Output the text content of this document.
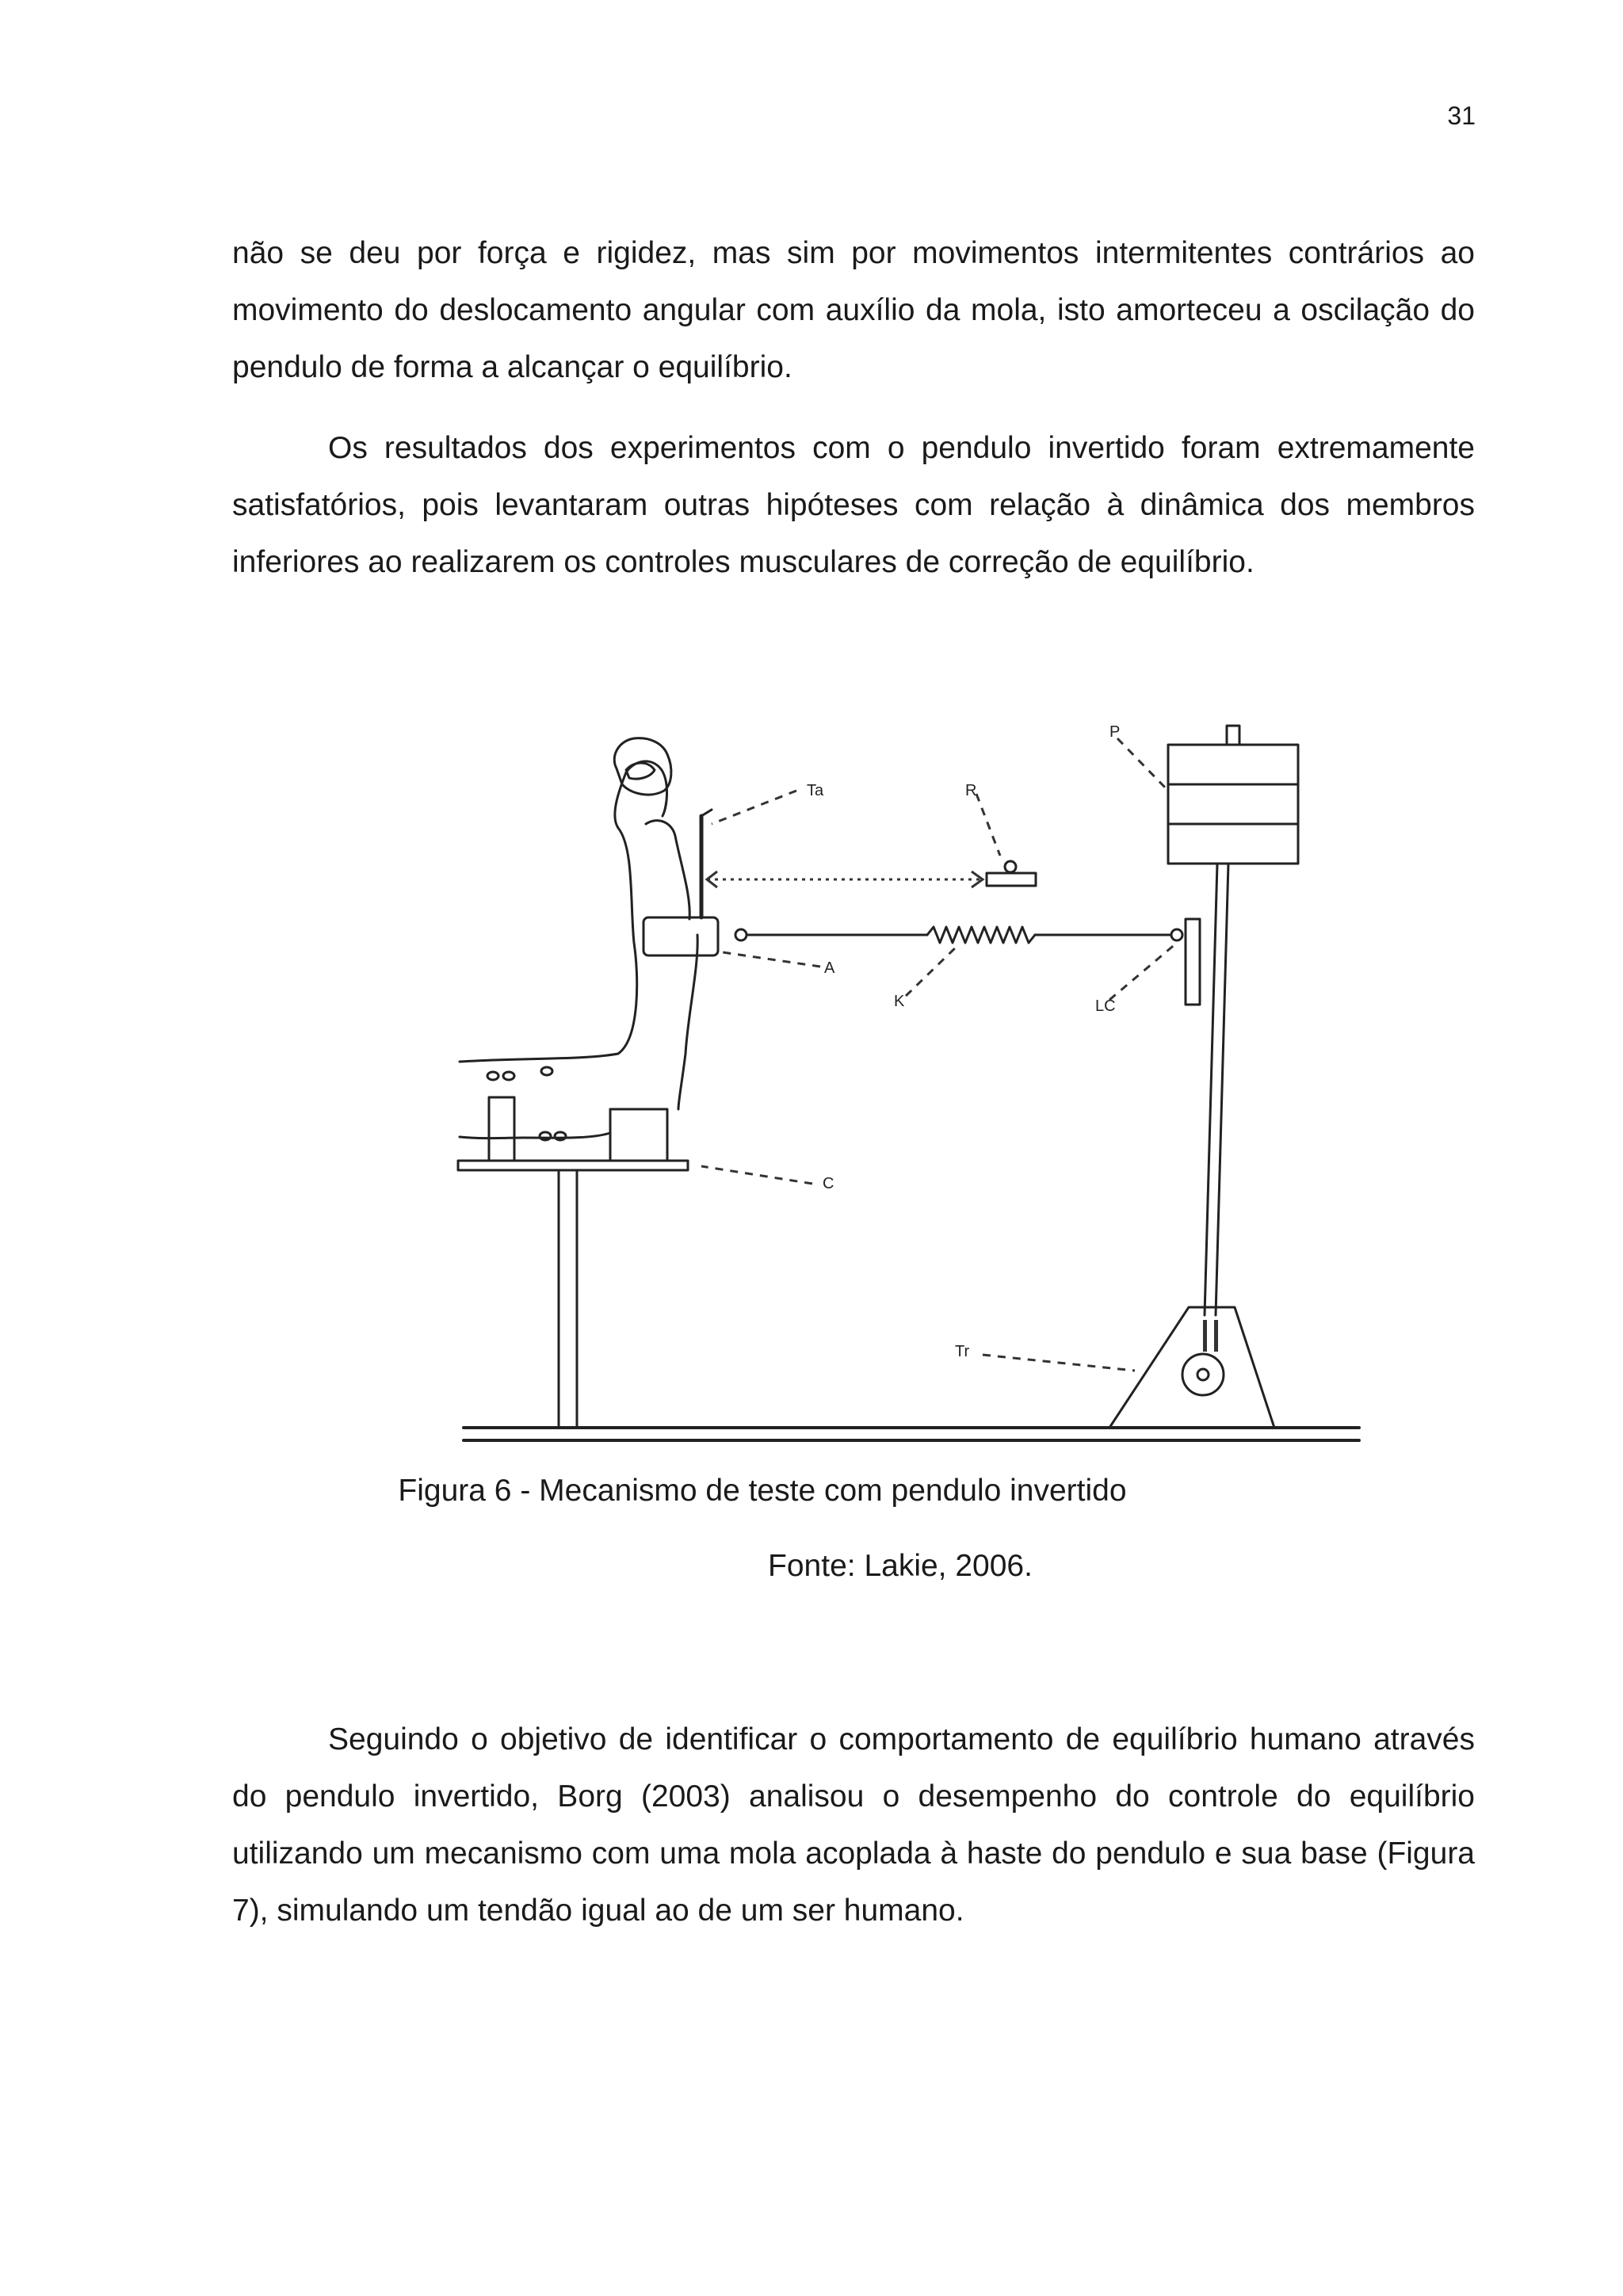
31

não se deu por força e rigidez, mas sim por movimentos intermitentes contrários ao movimento do deslocamento angular com auxílio da mola, isto amorteceu a oscilação do pendulo de forma a alcançar o equilíbrio.

Os resultados dos experimentos com o pendulo invertido foram extremamente satisfatórios, pois levantaram outras hipóteses com relação à dinâmica dos membros inferiores ao realizarem os controles musculares de correção de equilíbrio.

P
Ta	R
A
K	LC
C
Tr
Figura 6 - Mecanismo de teste com pendulo invertido
Fonte: Lakie, 2006.

Seguindo o objetivo de identificar o comportamento de equilíbrio humano através do pendulo invertido, Borg (2003) analisou o desempenho do controle do equilíbrio utilizando um mecanismo com uma mola acoplada à haste do pendulo e sua base (Figura 7), simulando um tendão igual ao de um ser humano.
